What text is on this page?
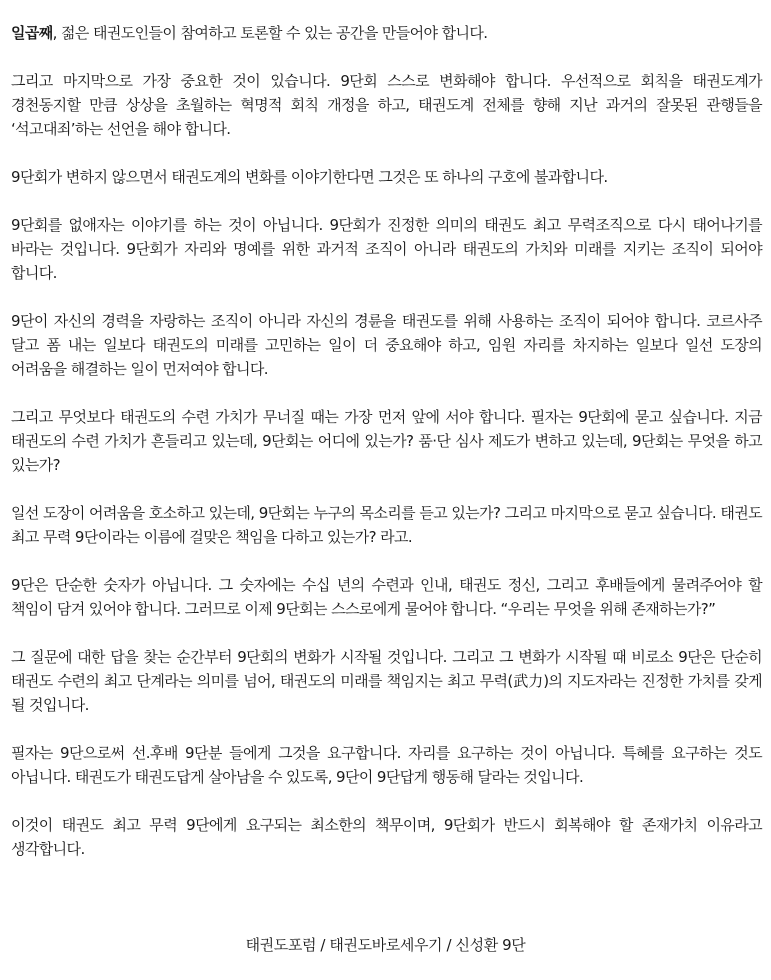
일곱째, 젊은 태권도인들이 참여하고 토론할 수 있는 공간을 만들어야 합니다.

그리고 마지막으로 가장 중요한 것이 있습니다. 9단회 스스로 변화해야 합니다. 우선적으로 회칙을 태권도계가 경천동지할 만큼 상상을 초월하는 혁명적 회칙 개정을 하고, 태권도계 전체를 향해 지난 과거의 잘못된 관행들을 ‘석고대죄’하는 선언을 해야 합니다.

9단회가 변하지 않으면서 태권도계의 변화를 이야기한다면 그것은 또 하나의 구호에 불과합니다.

9단회를 없애자는 이야기를 하는 것이 아닙니다. 9단회가 진정한 의미의 태권도 최고 무력조직으로 다시 태어나기를 바라는 것입니다. 9단회가 자리와 명예를 위한 과거적 조직이 아니라 태권도의 가치와 미래를 지키는 조직이 되어야 합니다.

9단이 자신의 경력을 자랑하는 조직이 아니라 자신의 경륜을 태권도를 위해 사용하는 조직이 되어야 합니다. 코르사주 달고 폼 내는 일보다 태권도의 미래를 고민하는 일이 더 중요해야 하고, 임원 자리를 차지하는 일보다 일선 도장의 어려움을 해결하는 일이 먼저여야 합니다.

그리고 무엇보다 태권도의 수련 가치가 무너질 때는 가장 먼저 앞에 서야 합니다. 필자는 9단회에 묻고 싶습니다. 지금 태권도의 수련 가치가 흔들리고 있는데, 9단회는 어디에 있는가? 품·단 심사 제도가 변하고 있는데, 9단회는 무엇을 하고 있는가?

일선 도장이 어려움을 호소하고 있는데, 9단회는 누구의 목소리를 듣고 있는가? 그리고 마지막으로 묻고 싶습니다. 태권도 최고 무력 9단이라는 이름에 걸맞은 책임을 다하고 있는가? 라고.

9단은 단순한 숫자가 아닙니다. 그 숫자에는 수십 년의 수련과 인내, 태권도 정신, 그리고 후배들에게 물려주어야 할 책임이 담겨 있어야 합니다. 그러므로 이제 9단회는 스스로에게 물어야 합니다. “우리는 무엇을 위해 존재하는가?”

그 질문에 대한 답을 찾는 순간부터 9단회의 변화가 시작될 것입니다. 그리고 그 변화가 시작될 때 비로소 9단은 단순히 태권도 수련의 최고 단계라는 의미를 넘어, 태권도의 미래를 책임지는 최고 무력(武力)의 지도자라는 진정한 가치를 갖게 될 것입니다.

필자는 9단으로써 선.후배 9단분 들에게 그것을 요구합니다. 자리를 요구하는 것이 아닙니다. 특혜를 요구하는 것도 아닙니다. 태권도가 태권도답게 살아남을 수 있도록, 9단이 9단답게 행동해 달라는 것입니다.

이것이 태권도 최고 무력 9단에게 요구되는 최소한의 책무이며, 9단회가 반드시 회복해야 할 존재가치 이유라고 생각합니다.

태권도포럼 / 태권도바로세우기 / 신성환 9단
